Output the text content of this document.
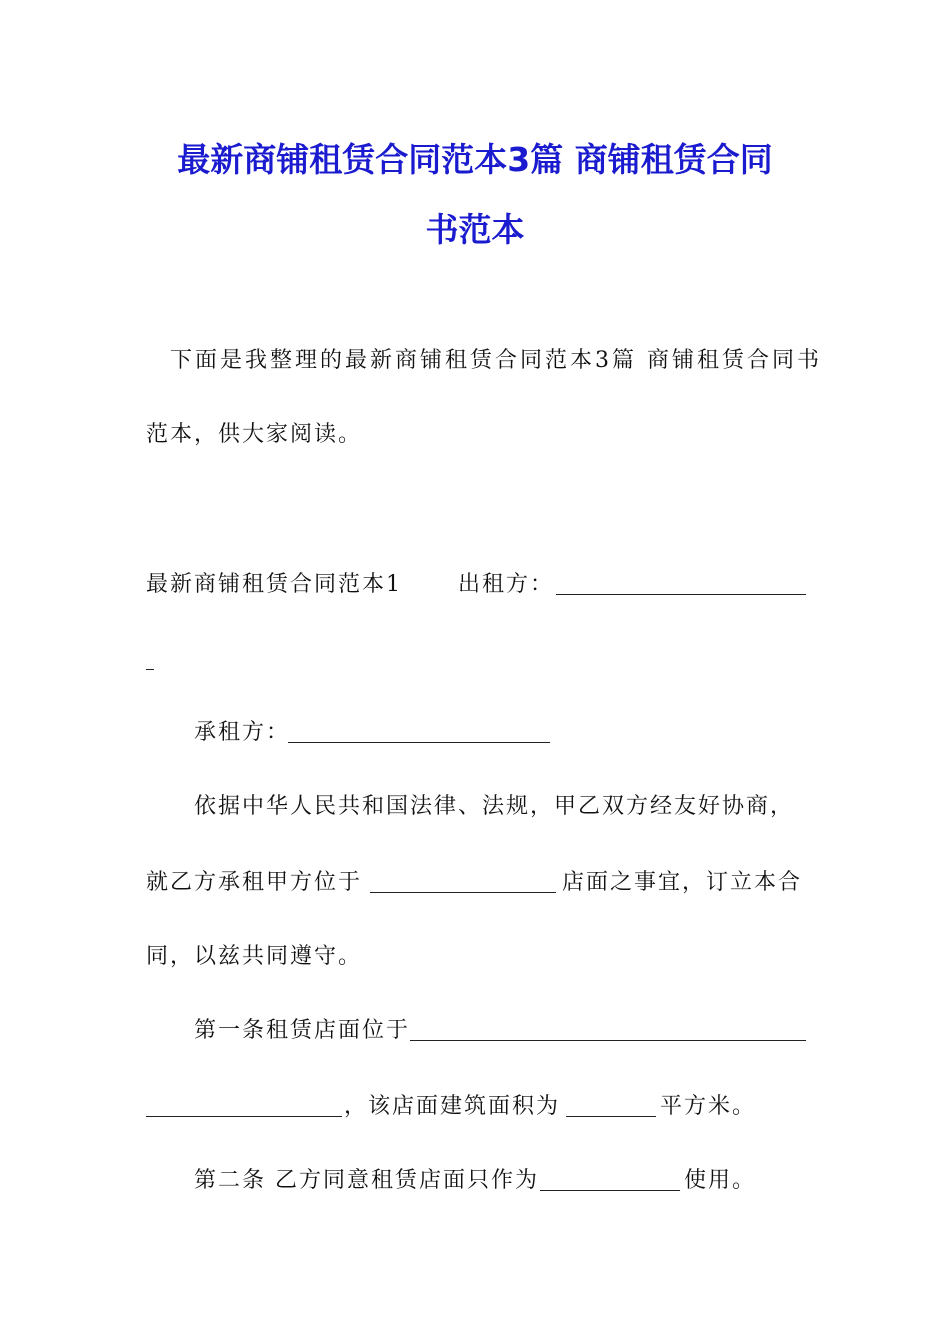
最新商铺租赁合同范本3篇 商铺租赁合同
书范本
下面是我整理的最新商铺租赁合同范本3篇 商铺租赁合同书
范本，供大家阅读。
最新商铺租赁合同范本1	出租方：
承租方：
依据中华人民共和国法律、法规，甲乙双方经友好协商，
就乙方承租甲方位于	店面之事宜，订立本合
同，以兹共同遵守。
第一条租赁店面位于
，该店面建筑面积为	平方米。
第二条 乙方同意租赁店面只作为	使用。
